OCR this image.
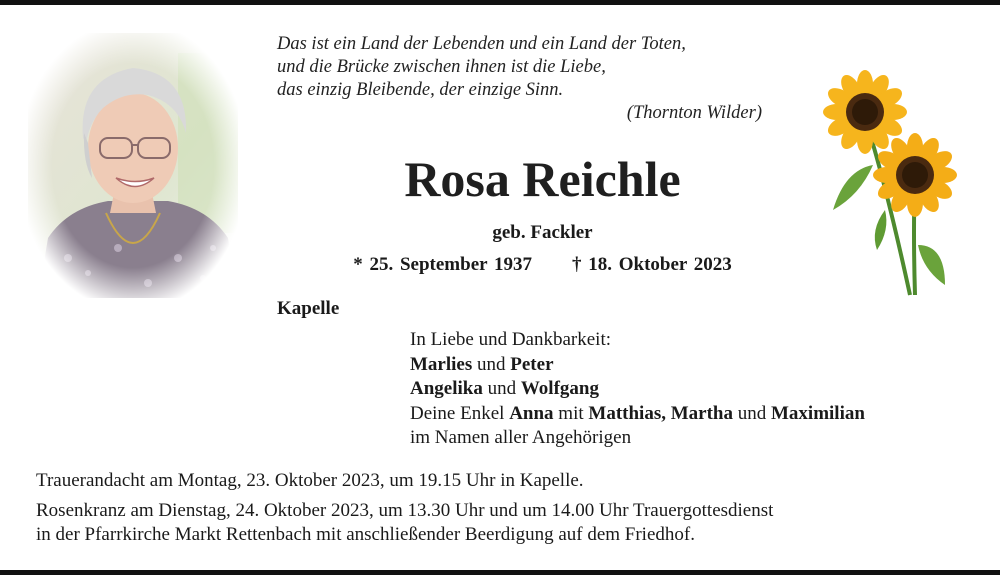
Das ist ein Land der Lebenden und ein Land der Toten,
und die Brücke zwischen ihnen ist die Liebe,
das einzig Bleibende, der einzige Sinn.
(Thornton Wilder)
Rosa Reichle
geb. Fackler
* 25. September 1937 † 18. Oktober 2023
Kapelle
In Liebe und Dankbarkeit:
Marlies und Peter
Angelika und Wolfgang
Deine Enkel Anna mit Matthias, Martha und Maximilian
im Namen aller Angehörigen
Trauerandacht am Montag, 23. Oktober 2023, um 19.15 Uhr in Kapelle.
Rosenkranz am Dienstag, 24. Oktober 2023, um 13.30 Uhr und um 14.00 Uhr Trauergottesdienst
in der Pfarrkirche Markt Rettenbach mit anschließender Beerdigung auf dem Friedhof.
